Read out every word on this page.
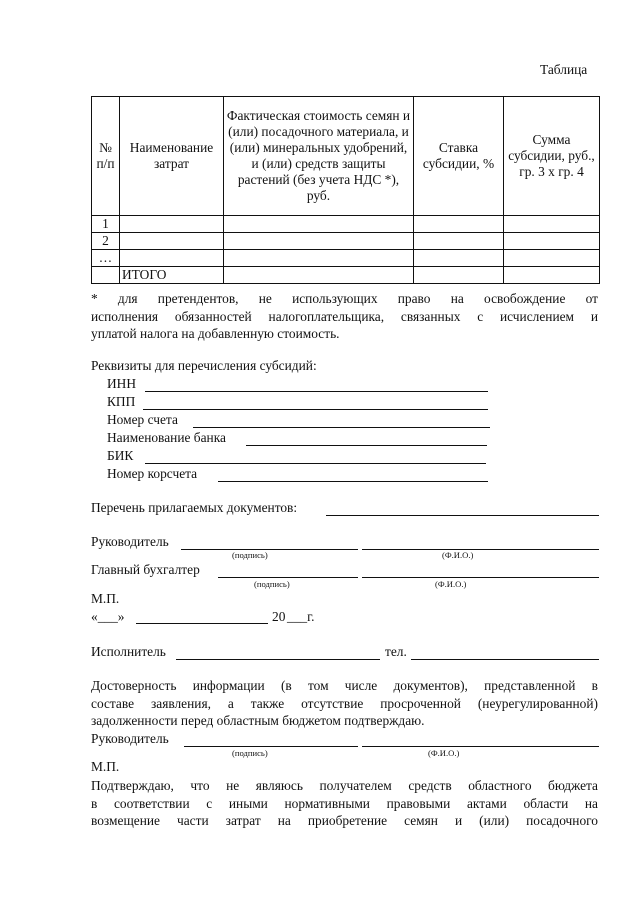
Таблица
№ п/п	Наименование затрат	Фактическая стоимость семян и (или) посадочного материала, и (или) минеральных удобрений, и (или) средств защиты растений (без учета НДС *), руб.	Ставка субсидии, %	Сумма субсидии, руб., гр. 3 х гр. 4

1				
2				
…				
	ИТОГО			
* для претендентов, не использующих право на освобождение от
исполнения обязанностей налогоплательщика, связанных с исчислением и
уплатой налога на добавленную стоимость.
Реквизиты для перечисления субсидий:
ИНН
КПП
Номер счета
Наименование банка
БИК
Номер корсчета
Перечень прилагаемых документов:
Руководитель
(подпись)	(Ф.И.О.)
Главный бухгалтер
(подпись)	(Ф.И.О.)
М.П.
«___»	20 ___г.
Исполнитель	тел.
Достоверность информации (в том числе документов), представленной в
составе заявления, а также отсутствие просроченной (неурегулированной)
задолженности перед областным бюджетом подтверждаю.
Руководитель
(подпись)	(Ф.И.О.)
М.П.
Подтверждаю, что не являюсь получателем средств областного бюджета
в соответствии с иными нормативными правовыми актами области на
возмещение части затрат на приобретение семян и (или) посадочного
